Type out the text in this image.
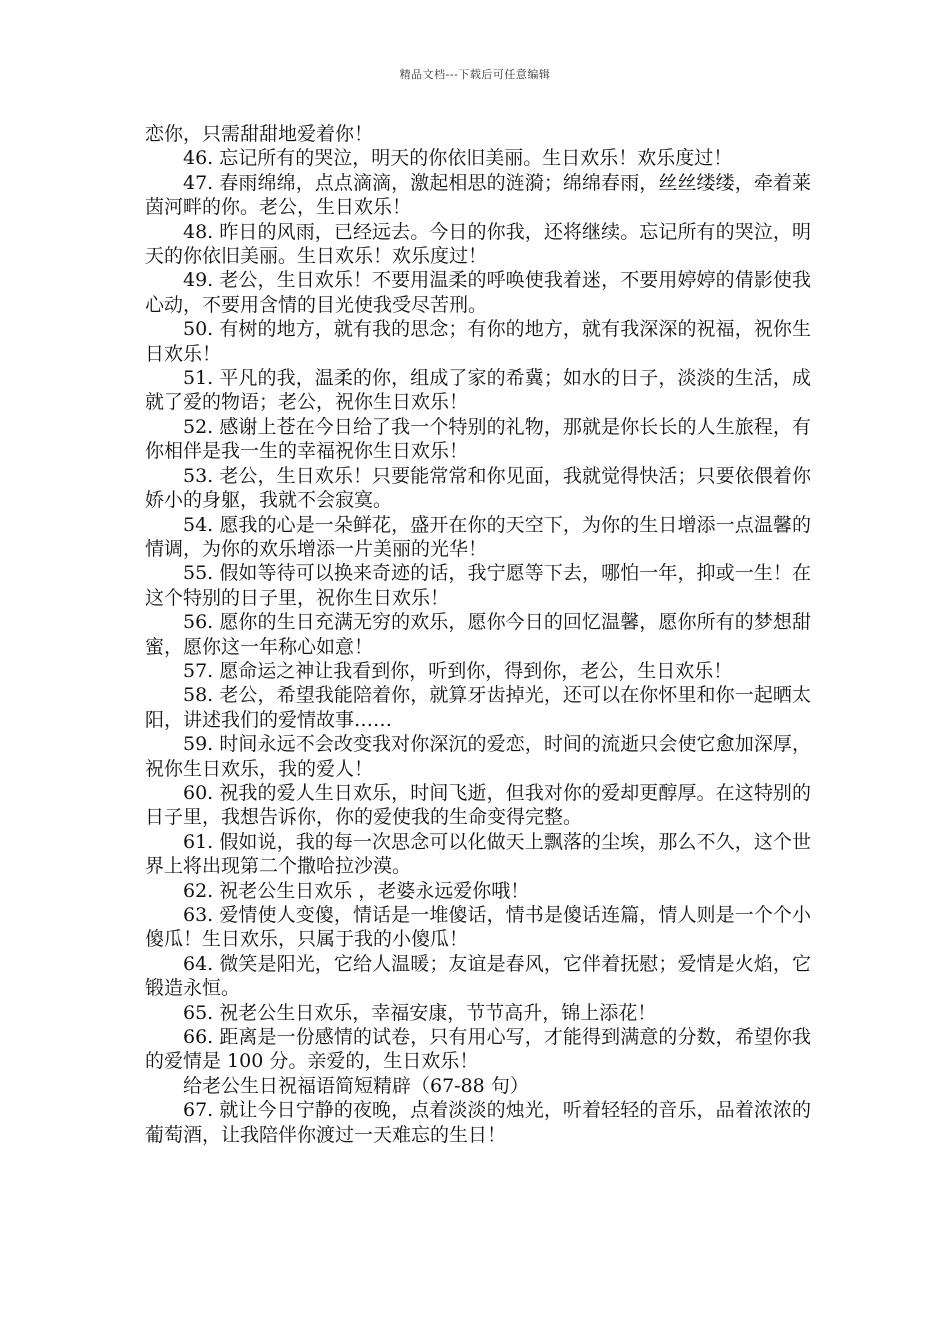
精品文档---下载后可任意编辑

恋你，只需甜甜地爱着你！

46. 忘记所有的哭泣，明天的你依旧美丽。生日欢乐！欢乐度过！

47. 春雨绵绵，点点滴滴，激起相思的涟漪；绵绵春雨，丝丝缕缕，牵着莱茵河畔的你。老公，生日欢乐！

48. 昨日的风雨，已经远去。今日的你我，还将继续。忘记所有的哭泣，明天的你依旧美丽。生日欢乐！欢乐度过！

49. 老公，生日欢乐！不要用温柔的呼唤使我着迷，不要用婷婷的倩影使我心动，不要用含情的目光使我受尽苦刑。

50. 有树的地方，就有我的思念；有你的地方，就有我深深的祝福，祝你生日欢乐！

51. 平凡的我，温柔的你，组成了家的希冀；如水的日子，淡淡的生活，成就了爱的物语；老公，祝你生日欢乐！

52. 感谢上苍在今日给了我一个特别的礼物，那就是你长长的人生旅程，有你相伴是我一生的幸福祝你生日欢乐！

53. 老公，生日欢乐！只要能常常和你见面，我就觉得快活；只要依偎着你娇小的身躯，我就不会寂寞。

54. 愿我的心是一朵鲜花，盛开在你的天空下，为你的生日增添一点温馨的情调，为你的欢乐增添一片美丽的光华！

55. 假如等待可以换来奇迹的话，我宁愿等下去，哪怕一年，抑或一生！在这个特别的日子里，祝你生日欢乐！

56. 愿你的生日充满无穷的欢乐，愿你今日的回忆温馨，愿你所有的梦想甜蜜，愿你这一年称心如意！

57. 愿命运之神让我看到你，听到你，得到你，老公，生日欢乐！

58. 老公，希望我能陪着你，就算牙齿掉光，还可以在你怀里和你一起晒太阳，讲述我们的爱情故事……

59. 时间永远不会改变我对你深沉的爱恋，时间的流逝只会使它愈加深厚，祝你生日欢乐，我的爱人！

60. 祝我的爱人生日欢乐，时间飞逝，但我对你的爱却更醇厚。在这特别的日子里，我想告诉你，你的爱使我的生命变得完整。

61. 假如说，我的每一次思念可以化做天上飘落的尘埃，那么不久，这个世界上将出现第二个撒哈拉沙漠。

62. 祝老公生日欢乐 ，老婆永远爱你哦！

63. 爱情使人变傻，情话是一堆傻话，情书是傻话连篇，情人则是一个个小傻瓜！生日欢乐，只属于我的小傻瓜！

64. 微笑是阳光，它给人温暖；友谊是春风，它伴着抚慰；爱情是火焰，它锻造永恒。

65. 祝老公生日欢乐，幸福安康，节节高升，锦上添花！

66. 距离是一份感情的试卷，只有用心写，才能得到满意的分数，希望你我的爱情是 100 分。亲爱的，生日欢乐！

给老公生日祝福语简短精辟（67-88 句）

67. 就让今日宁静的夜晚，点着淡淡的烛光，听着轻轻的音乐，品着浓浓的葡萄酒，让我陪伴你渡过一天难忘的生日！
